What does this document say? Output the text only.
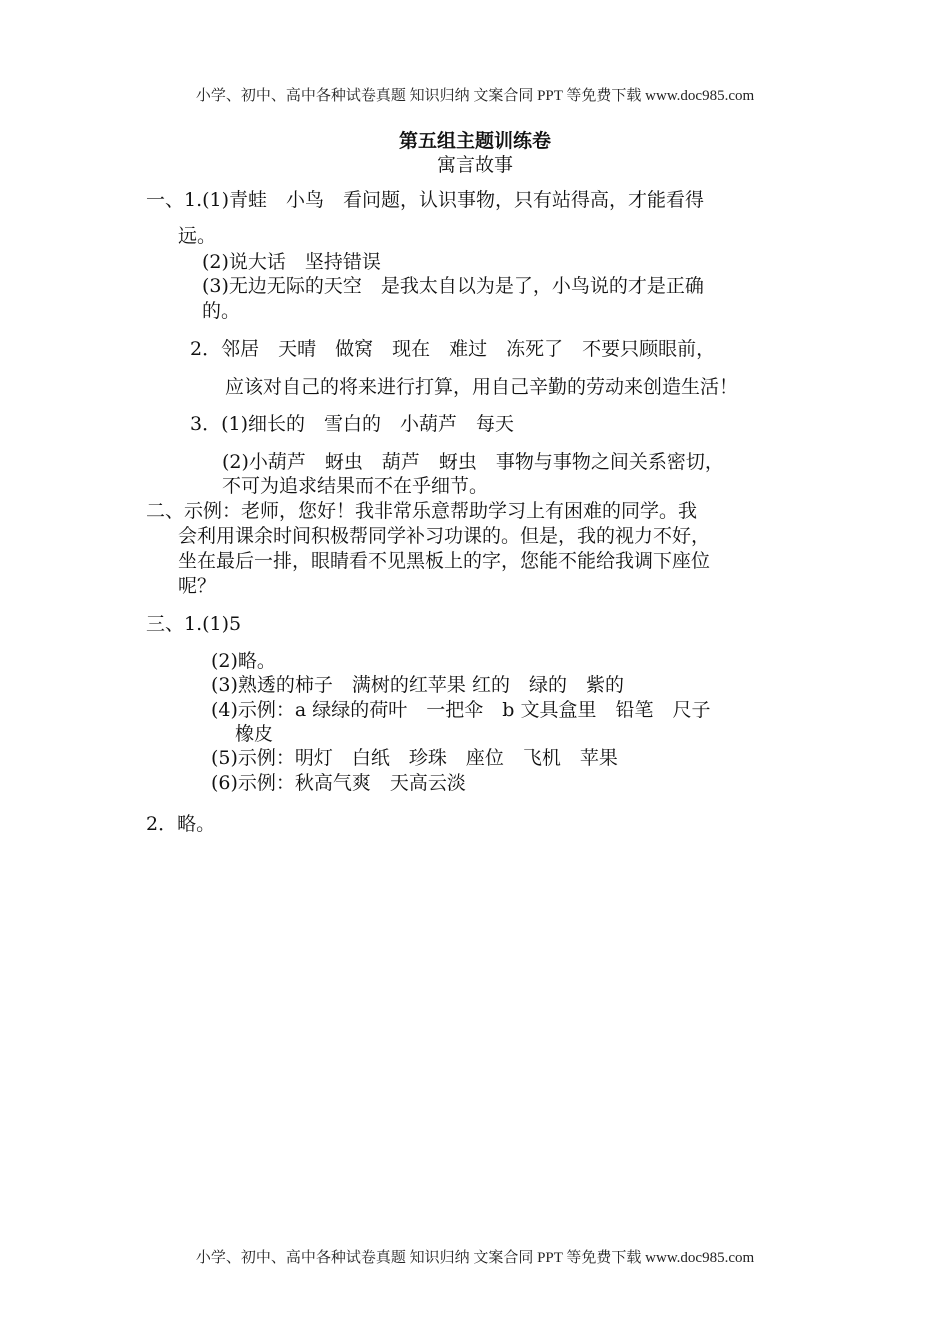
小学、初中、高中各种试卷真题 知识归纳 文案合同 PPT 等免费下载 www.doc985.com
第五组主题训练卷
寓言故事
一、1.(1)青蛙　小鸟　看问题，认识事物，只有站得高，才能看得
远。
(2)说大话　坚持错误
(3)无边无际的天空　是我太自以为是了，小鸟说的才是正确
的。
2．邻居　天晴　做窝　现在　难过　冻死了　不要只顾眼前，
应该对自己的将来进行打算，用自己辛勤的劳动来创造生活！
3．(1)细长的　雪白的　小葫芦　每天
(2)小葫芦　蚜虫　葫芦　蚜虫　事物与事物之间关系密切，
不可为追求结果而不在乎细节。
二、示例：老师，您好！我非常乐意帮助学习上有困难的同学。我
会利用课余时间积极帮同学补习功课的。但是，我的视力不好，
坐在最后一排，眼睛看不见黑板上的字，您能不能给我调下座位
呢？
三、1.(1)5
(2)略。
(3)熟透的柿子　满树的红苹果 红的　绿的　紫的
(4)示例：a 绿绿的荷叶　一把伞　b 文具盒里　铅笔　尺子
橡皮
(5)示例：明灯　白纸　珍珠　座位　飞机　苹果
(6)示例：秋高气爽　天高云淡
2．略。
小学、初中、高中各种试卷真题 知识归纳 文案合同 PPT 等免费下载 www.doc985.com
